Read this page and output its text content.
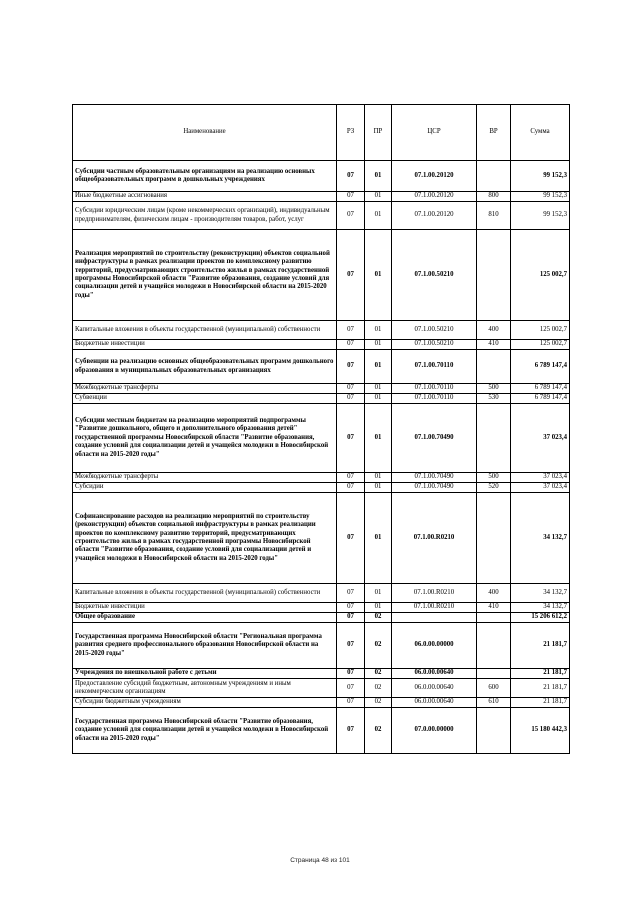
Наименование	РЗ	ПР	ЦСР	ВР	Сумма
Субсидии частным образовательным организациям на реализацию основных общеобразовательных программ в дошкольных учреждениях	07	01	07.1.00.20120		99 152,3
Иные бюджетные ассигнования	07	01	07.1.00.20120	800	99 152,3
Субсидии юридическим лицам (кроме некоммерческих организаций), индивидуальным предпринимателям, физическим лицам - производителям товаров, работ, услуг	07	01	07.1.00.20120	810	99 152,3
Реализация мероприятий по строительству (реконструкции) объектов социальной инфраструктуры в рамках реализации проектов по комплексному развитию территорий, предусматривающих строительство жилья в рамках государственной программы Новосибирской области "Развитие образования, создание условий для социализации детей и учащейся молодежи в Новосибирской области на 2015-2020 годы"	07	01	07.1.00.50210		125 002,7
Капитальные вложения в объекты государственной (муниципальной) собственности	07	01	07.1.00.50210	400	125 002,7
Бюджетные инвестиции	07	01	07.1.00.50210	410	125 002,7
Субвенции на реализацию основных общеобразовательных программ дошкольного образования в муниципальных образовательных организациях	07	01	07.1.00.70110		6 789 147,4
Межбюджетные трансферты	07	01	07.1.00.70110	500	6 789 147,4
Субвенции	07	01	07.1.00.70110	530	6 789 147,4
Субсидии местным бюджетам на реализацию мероприятий подпрограммы "Развитие дошкольного, общего и дополнительного образования детей" государственной программы Новосибирской области "Развитие образования, создание условий для социализации детей и учащейся молодежи в Новосибирской области на 2015-2020 годы"	07	01	07.1.00.70490		37 023,4
Межбюджетные трансферты	07	01	07.1.00.70490	500	37 023,4
Субсидии	07	01	07.1.00.70490	520	37 023,4
Софинансирование расходов на реализацию мероприятий по строительству (реконструкции) объектов социальной инфраструктуры в рамках реализации проектов по комплексному развитию территорий, предусматривающих строительство жилья в рамках государственной программы Новосибирской области "Развитие образования, создание условий для социализации детей и учащейся молодежи в Новосибирской области на 2015-2020 годы"	07	01	07.1.00.R0210		34 132,7
Капитальные вложения в объекты государственной (муниципальной) собственности	07	01	07.1.00.R0210	400	34 132,7
Бюджетные инвестиции	07	01	07.1.00.R0210	410	34 132,7
Общее образование	07	02			15 206 612,2
Государственная программа Новосибирской области "Региональная программа развития среднего профессионального образования Новосибирской области на 2015-2020 годы"	07	02	06.0.00.00000		21 181,7
Учреждения по внешкольной работе с детьми	07	02	06.0.00.00640		21 181,7
Предоставление субсидий бюджетным, автономным учреждениям и иным некоммерческим организациям	07	02	06.0.00.00640	600	21 181,7
Субсидии бюджетным учреждениям	07	02	06.0.00.00640	610	21 181,7
Государственная программа Новосибирской области "Развитие образования, создание условий для социализации детей и учащейся молодежи в Новосибирской области на 2015-2020 годы"	07	02	07.0.00.00000		15 180 442,3
Страница 48 из 101
